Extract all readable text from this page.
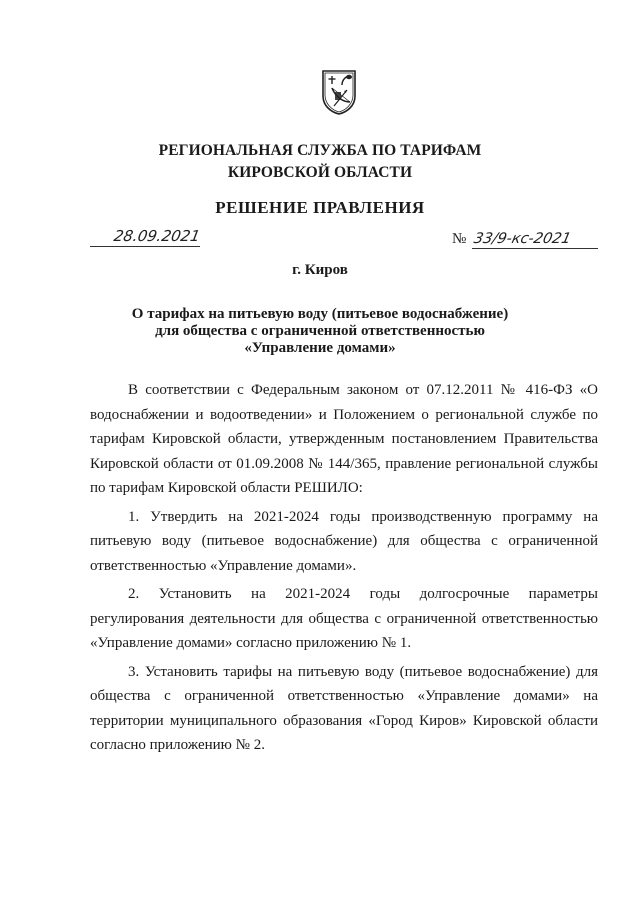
РЕГИОНАЛЬНАЯ СЛУЖБА ПО ТАРИФАМ
КИРОВСКОЙ ОБЛАСТИ
РЕШЕНИЕ ПРАВЛЕНИЯ
28.09.2021	№ 33/9-кс-2021
г. Киров
О тарифах на питьевую воду (питьевое водоснабжение)
для общества с ограниченной ответственностью
«Управление домами»

В соответствии с Федеральным законом от 07.12.2011 № 416-ФЗ «О водоснабжении и водоотведении» и Положением о региональной службе по тарифам Кировской области, утвержденным постановлением Правительства Кировской области от 01.09.2008 № 144/365, правление региональной службы по тарифам Кировской области РЕШИЛО:

1. Утвердить на 2021-2024 годы производственную программу на питьевую воду (питьевое водоснабжение) для общества с ограниченной ответственностью «Управление домами».

2. Установить на 2021-2024 годы долгосрочные параметры регулирования деятельности для общества с ограниченной ответственностью «Управление домами» согласно приложению № 1.

3. Установить тарифы на питьевую воду (питьевое водоснабжение) для общества с ограниченной ответственностью «Управление домами» на территории муниципального образования «Город Киров» Кировской области согласно приложению № 2.
